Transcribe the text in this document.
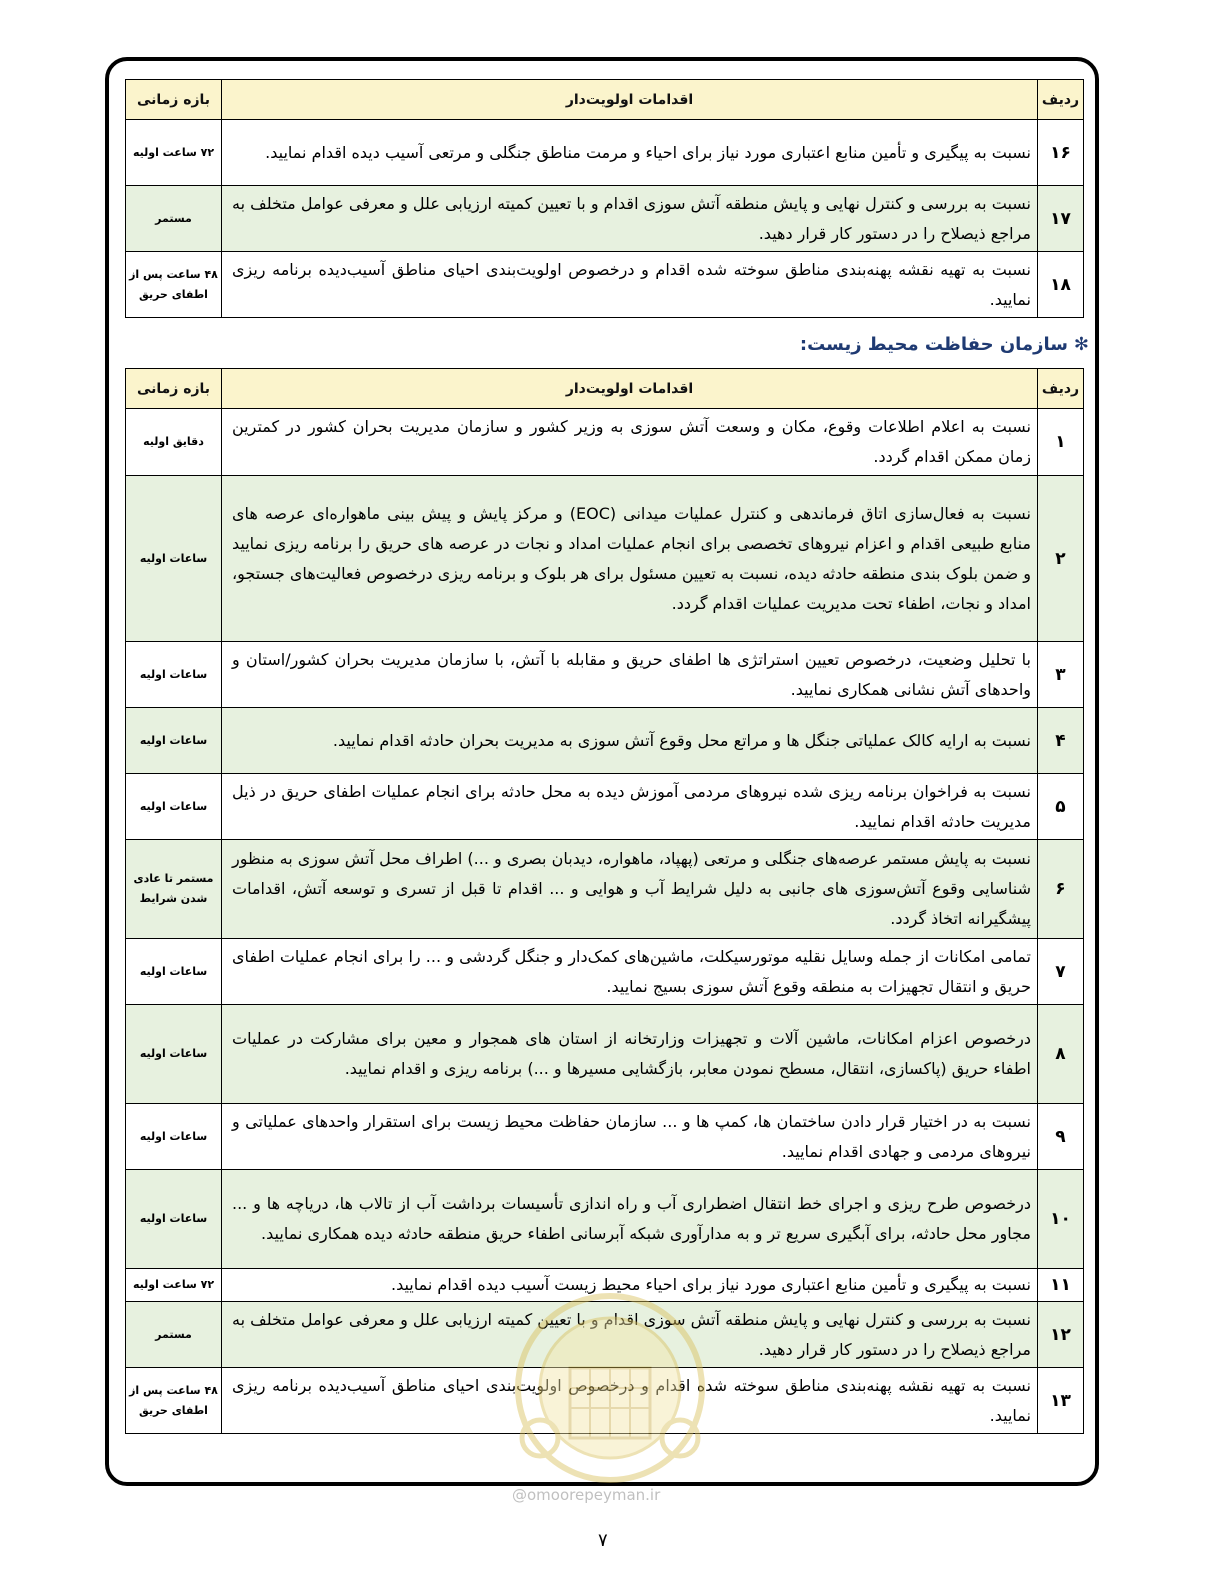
ردیف	اقدامات اولویت‌دار	بازه زمانی
۱۶	نسبت به پیگیری و تأمین منابع اعتباری مورد نیاز برای احیاء و مرمت مناطق جنگلی و مرتعی آسیب دیده اقدام نمایید.	۷۲ ساعت اولیه
۱۷	نسبت به بررسی و کنترل نهایی و پایش منطقه آتش سوزی اقدام و با تعیین کمیته ارزیابی علل و معرفی عوامل متخلف به مراجع ذیصلاح را در دستور کار قرار دهید.	مستمر
۱۸	نسبت به تهیه نقشه پهنه‌بندی مناطق سوخته شده اقدام و درخصوص اولویت‌بندی احیای مناطق آسیب‌دیده برنامه ریزی نمایید.	۴۸ ساعت پس از اطفای حریق
✻سازمان حفاظت محیط زیست:
ردیف	اقدامات اولویت‌دار	بازه زمانی
۱	نسبت به اعلام اطلاعات وقوع، مکان و وسعت آتش سوزی به وزیر کشور و سازمان مدیریت بحران کشور در کمترین زمان ممکن اقدام گردد.	دقایق اولیه
۲	نسبت به فعال‌سازی اتاق فرماندهی و کنترل عملیات میدانی (EOC) و مرکز پایش و پیش بینی ماهواره‌ای عرصه های منابع طبیعی اقدام و اعزام نیروهای تخصصی برای انجام عملیات امداد و نجات در عرصه های حریق را برنامه ریزی نمایید و ضمن بلوک بندی منطقه حادثه دیده، نسبت به تعیین مسئول برای هر بلوک و برنامه ریزی درخصوص فعالیت‌های جستجو، امداد و نجات، اطفاء تحت مدیریت عملیات اقدام گردد.	ساعات اولیه
۳	با تحلیل وضعیت، درخصوص تعیین استراتژی ها اطفای حریق و مقابله با آتش، با سازمان مدیریت بحران کشور/استان و واحدهای آتش نشانی همکاری نمایید.	ساعات اولیه
۴	نسبت به ارایه کالک عملیاتی جنگل ها و مراتع محل وقوع آتش سوزی به مدیریت بحران حادثه اقدام نمایید.	ساعات اولیه
۵	نسبت به فراخوان برنامه ریزی شده نیروهای مردمی آموزش دیده به محل حادثه برای انجام عملیات اطفای حریق در ذیل مدیریت حادثه اقدام نمایید.	ساعات اولیه
۶	نسبت به پایش مستمر عرصه‌های جنگلی و مرتعی (پهپاد، ماهواره، دیدبان بصری و ...) اطراف محل آتش سوزی به منظور شناسایی وقوع آتش‌سوزی های جانبی به دلیل شرایط آب و هوایی و ... اقدام تا قبل از تسری و توسعه آتش، اقدامات پیشگیرانه اتخاذ گردد.	مستمر تا عادی شدن شرایط
۷	تمامی امکانات از جمله وسایل نقلیه موتورسیکلت، ماشین‌های کمک‌دار و جنگل گردشی و ... را برای انجام عملیات اطفای حریق و انتقال تجهیزات به منطقه وقوع آتش سوزی بسیج نمایید.	ساعات اولیه
۸	درخصوص اعزام امکانات، ماشین آلات و تجهیزات وزارتخانه از استان های همجوار و معین برای مشارکت در عملیات اطفاء حریق (پاکسازی، انتقال، مسطح نمودن معابر، بازگشایی مسیرها و ...) برنامه ریزی و اقدام نمایید.	ساعات اولیه
۹	نسبت به در اختیار قرار دادن ساختمان ها، کمپ ها و ... سازمان حفاظت محیط زیست برای استقرار واحدهای عملیاتی و نیروهای مردمی و جهادی اقدام نمایید.	ساعات اولیه
۱۰	درخصوص طرح ریزی و اجرای خط انتقال اضطراری آب و راه اندازی تأسیسات برداشت آب از تالاب ها، دریاچه ها و ... مجاور محل حادثه، برای آبگیری سریع تر و به مدارآوری شبکه آبرسانی اطفاء حریق منطقه حادثه دیده همکاری نمایید.	ساعات اولیه
۱۱	نسبت به پیگیری و تأمین منابع اعتباری مورد نیاز برای احیاء محیط زیست آسیب دیده اقدام نمایید.	۷۲ ساعت اولیه
۱۲	نسبت به بررسی و کنترل نهایی و پایش منطقه آتش سوزی اقدام و با تعیین کمیته ارزیابی علل و معرفی عوامل متخلف به مراجع ذیصلاح را در دستور کار قرار دهید.	مستمر
۱۳	نسبت به تهیه نقشه پهنه‌بندی مناطق سوخته شده اقدام و درخصوص اولویت‌بندی احیای مناطق آسیب‌دیده برنامه ریزی نمایید.	۴۸ ساعت پس از اطفای حریق
@omoorepeyman.ir
۷
